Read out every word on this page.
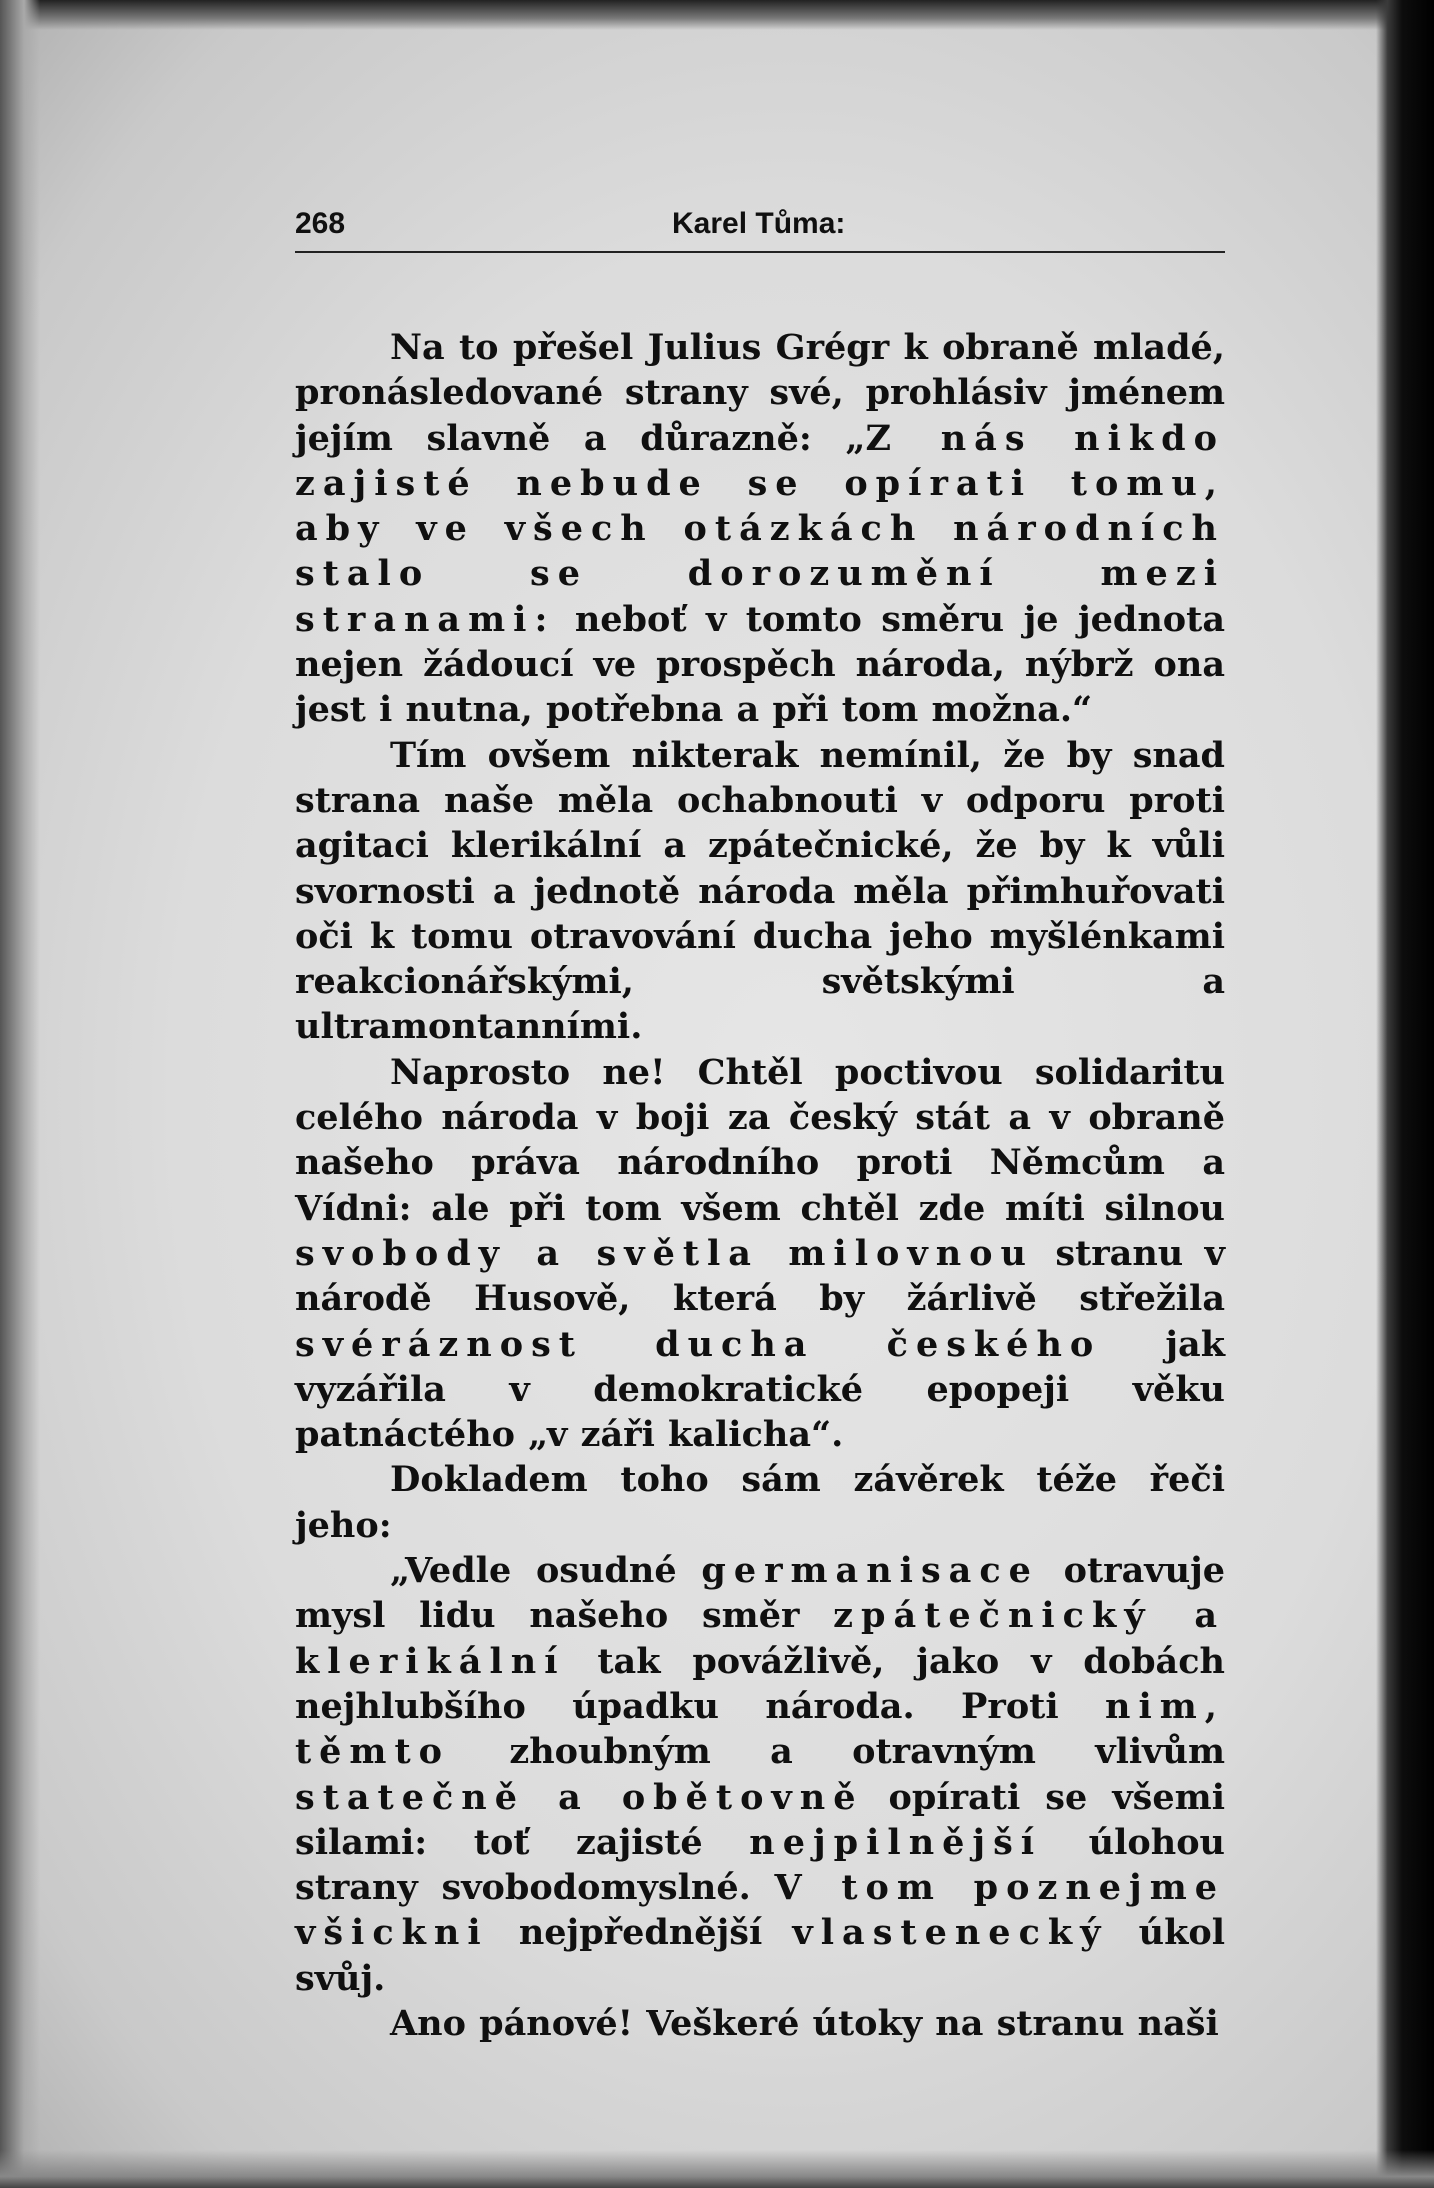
268	Karel Tůma:

Na to přešel Julius Grégr k obraně mladé, pronásledované strany své, prohlásiv jménem jejím slavně a důrazně: „Z nás nikdo zajisté nebude se opírati tomu, aby ve všech otázkách národních stalo se dorozumění mezi stranami: neboť v tomto směru je jednota nejen žádoucí ve prospěch národa, nýbrž ona jest i nutna, potřebna a při tom možna.“

Tím ovšem nikterak nemínil, že by snad strana naše měla ochabnouti v odporu proti agitaci klerikální a zpátečnické, že by k vůli svornosti a jednotě národa měla přimhuřovati oči k tomu otravování ducha jeho myšlénkami reakcionářskými, světskými a ultramontanními.

Naprosto ne! Chtěl poctivou solidaritu celého národa v boji za český stát a v obraně našeho práva národního proti Němcům a Vídni: ale při tom všem chtěl zde míti silnou svobody a světla milovnou stranu v národě Husově, která by žárlivě střežila svéráznost ducha českého jak vyzářila v demokratické epopeji věku patnáctého „v záři kalicha“.

Dokladem toho sám závěrek téže řeči jeho:

„Vedle osudné germanisace otravuje mysl lidu našeho směr zpátečnický a klerikální tak povážlivě, jako v dobách nejhlubšího úpadku národa. Proti nim, těmto zhoubným a otravným vlivům statečně a obětovně opírati se všemi silami: toť zajisté nejpilnější úlohou strany svobodomyslné. V tom poznejme všickni nejpřednější vlastenecký úkol svůj.

Ano pánové! Veškeré útoky na stranu naši
